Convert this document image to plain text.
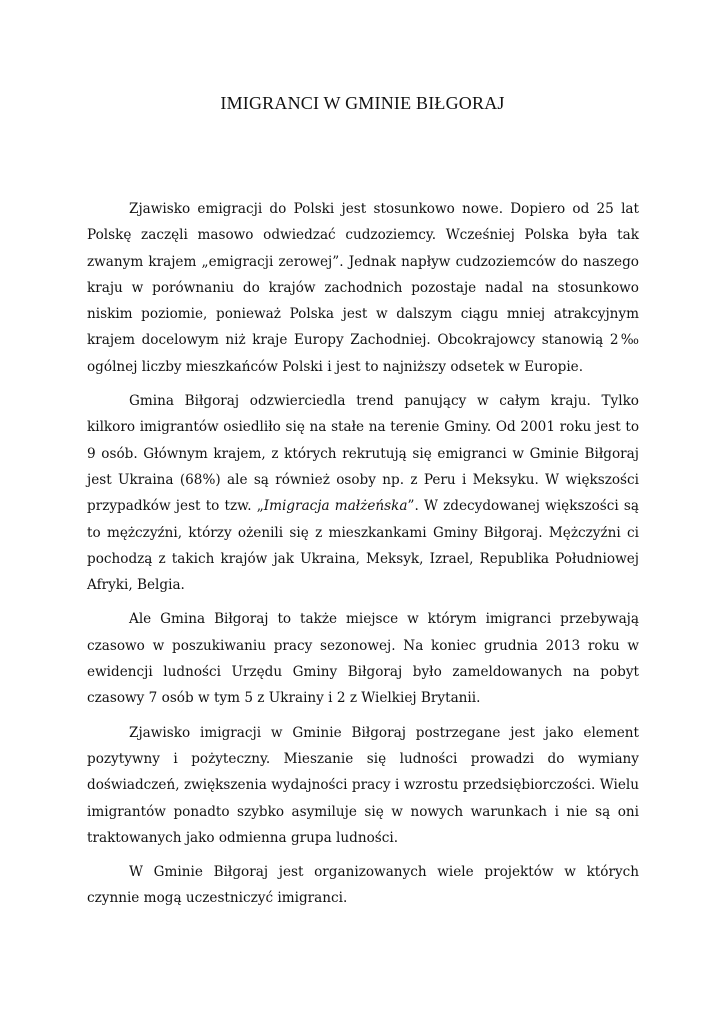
IMIGRANCI W GMINIE BIŁGORAJ

Zjawisko emigracji do Polski jest stosunkowo nowe. Dopiero od 25 lat Polskę zaczęli masowo odwiedzać cudzoziemcy. Wcześniej Polska była tak zwanym krajem „emigracji zerowej”. Jednak napływ cudzoziemców do naszego kraju w porównaniu do krajów zachodnich pozostaje nadal na stosunkowo niskim poziomie, ponieważ Polska jest w dalszym ciągu mniej atrakcyjnym krajem docelowym niż kraje Europy Zachodniej. Obcokrajowcy stanowią 2‰ ogólnej liczby mieszkańców Polski i jest to najniższy odsetek w Europie.

Gmina Biłgoraj odzwierciedla trend panujący w całym kraju. Tylko kilkoro imigrantów osiedliło się na stałe na terenie Gminy. Od 2001 roku jest to 9 osób. Głównym krajem, z których rekrutują się emigranci w Gminie Biłgoraj jest Ukraina (68%) ale są również osoby np. z Peru i Meksyku. W większości przypadków jest to tzw. „Imigracja małżeńska”. W zdecydowanej większości są to mężczyźni, którzy ożenili się z mieszkankami Gminy Biłgoraj. Mężczyźni ci pochodzą z takich krajów jak Ukraina, Meksyk, Izrael, Republika Południowej Afryki, Belgia.

Ale Gmina Biłgoraj to także miejsce w którym imigranci przebywają czasowo w poszukiwaniu pracy sezonowej. Na koniec grudnia 2013 roku w ewidencji ludności Urzędu Gminy Biłgoraj było zameldowanych na pobyt czasowy 7 osób w tym 5 z Ukrainy i 2 z Wielkiej Brytanii.

Zjawisko imigracji w Gminie Biłgoraj postrzegane jest jako element pozytywny i pożyteczny. Mieszanie się ludności prowadzi do wymiany doświadczeń, zwiększenia wydajności pracy i wzrostu przedsiębiorczości. Wielu imigrantów ponadto szybko asymiluje się w nowych warunkach i nie są oni traktowanych jako odmienna grupa ludności.

W Gminie Biłgoraj jest organizowanych wiele projektów w których czynnie mogą uczestniczyć imigranci.
